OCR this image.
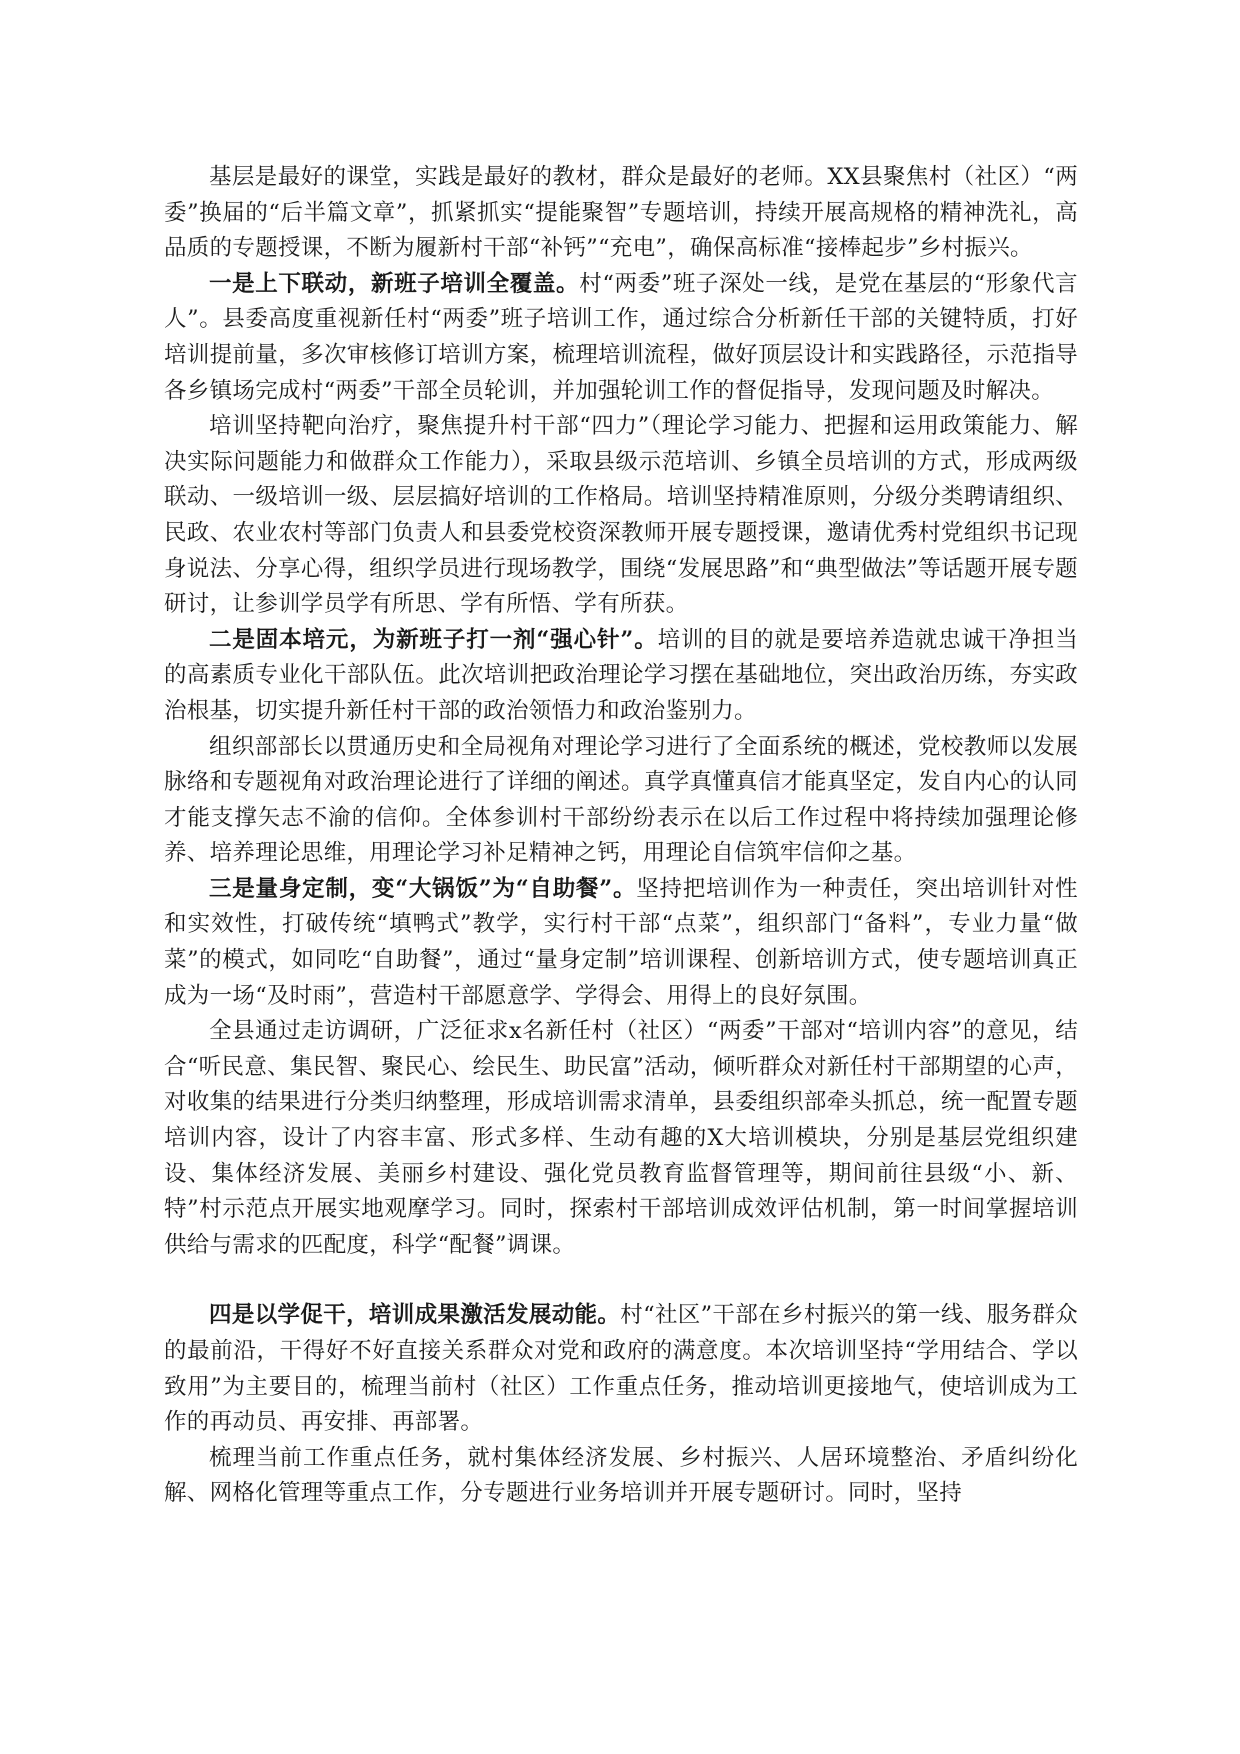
基层是最好的课堂，实践是最好的教材，群众是最好的老师。XX县聚焦村（社区）“两委”换届的“后半篇文章”，抓紧抓实“提能聚智”专题培训，持续开展高规格的精神洗礼，高品质的专题授课，不断为履新村干部“补钙”“充电”，确保高标准“接棒起步”乡村振兴。

一是上下联动，新班子培训全覆盖。村“两委”班子深处一线，是党在基层的“形象代言人”。县委高度重视新任村“两委”班子培训工作，通过综合分析新任干部的关键特质，打好培训提前量，多次审核修订培训方案，梳理培训流程，做好顶层设计和实践路径，示范指导各乡镇场完成村“两委”干部全员轮训，并加强轮训工作的督促指导，发现问题及时解决。

培训坚持靶向治疗，聚焦提升村干部“四力”（理论学习能力、把握和运用政策能力、解决实际问题能力和做群众工作能力），采取县级示范培训、乡镇全员培训的方式，形成两级联动、一级培训一级、层层搞好培训的工作格局。培训坚持精准原则，分级分类聘请组织、民政、农业农村等部门负责人和县委党校资深教师开展专题授课，邀请优秀村党组织书记现身说法、分享心得，组织学员进行现场教学，围绕“发展思路”和“典型做法”等话题开展专题研讨，让参训学员学有所思、学有所悟、学有所获。

二是固本培元，为新班子打一剂“强心针”。培训的目的就是要培养造就忠诚干净担当的高素质专业化干部队伍。此次培训把政治理论学习摆在基础地位，突出政治历练，夯实政治根基，切实提升新任村干部的政治领悟力和政治鉴别力。

组织部部长以贯通历史和全局视角对理论学习进行了全面系统的概述，党校教师以发展脉络和专题视角对政治理论进行了详细的阐述。真学真懂真信才能真坚定，发自内心的认同才能支撑矢志不渝的信仰。全体参训村干部纷纷表示在以后工作过程中将持续加强理论修养、培养理论思维，用理论学习补足精神之钙，用理论自信筑牢信仰之基。

三是量身定制，变“大锅饭”为“自助餐”。坚持把培训作为一种责任，突出培训针对性和实效性，打破传统“填鸭式”教学，实行村干部“点菜”，组织部门“备料”，专业力量“做菜”的模式，如同吃“自助餐”，通过“量身定制”培训课程、创新培训方式，使专题培训真正成为一场“及时雨”，营造村干部愿意学、学得会、用得上的良好氛围。

全县通过走访调研，广泛征求x名新任村（社区）“两委”干部对“培训内容”的意见，结合“听民意、集民智、聚民心、绘民生、助民富”活动，倾听群众对新任村干部期望的心声，对收集的结果进行分类归纳整理，形成培训需求清单，县委组织部牵头抓总，统一配置专题培训内容，设计了内容丰富、形式多样、生动有趣的X大培训模块，分别是基层党组织建设、集体经济发展、美丽乡村建设、强化党员教育监督管理等，期间前往县级“小、新、特”村示范点开展实地观摩学习。同时，探索村干部培训成效评估机制，第一时间掌握培训供给与需求的匹配度，科学“配餐”调课。

四是以学促干，培训成果激活发展动能。村“社区”干部在乡村振兴的第一线、服务群众的最前沿，干得好不好直接关系群众对党和政府的满意度。本次培训坚持“学用结合、学以致用”为主要目的，梳理当前村（社区）工作重点任务，推动培训更接地气，使培训成为工作的再动员、再安排、再部署。

梳理当前工作重点任务，就村集体经济发展、乡村振兴、人居环境整治、矛盾纠纷化解、网格化管理等重点工作，分专题进行业务培训并开展专题研讨。同时，坚持
